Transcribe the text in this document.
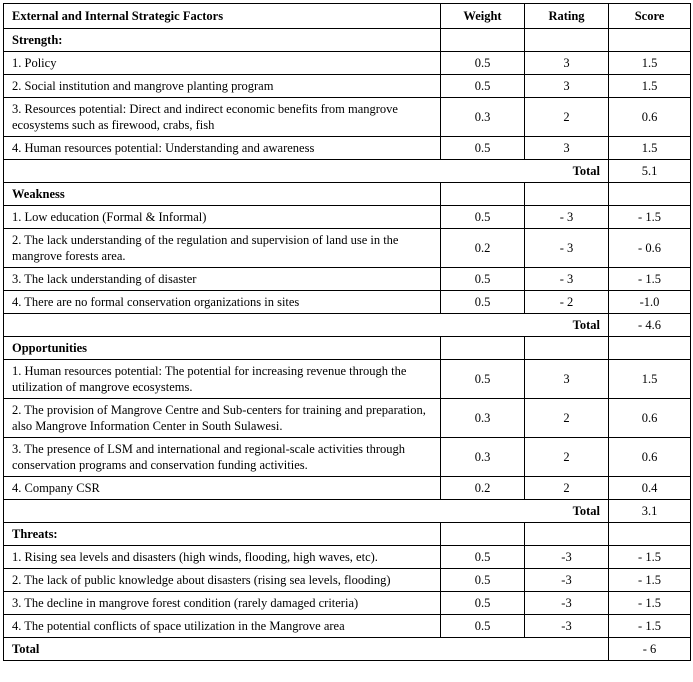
External and Internal Strategic Factors	Weight	Rating	Score
Strength:			
1. Policy	0.5	3	1.5
2. Social institution and mangrove planting program	0.5	3	1.5
3. Resources potential: Direct and indirect economic benefits from mangrove ecosystems such as firewood, crabs, fish	0.3	2	0.6
4. Human resources potential: Understanding and awareness	0.5	3	1.5
Total			5.1
Weakness			
1. Low education (Formal & Informal)	0.5	- 3	- 1.5
2. The lack understanding of the regulation and supervision of land use in the mangrove forests area.	0.2	- 3	- 0.6
3. The lack understanding of disaster	0.5	- 3	- 1.5
4. There are no formal conservation organizations in sites	0.5	- 2	-1.0
Total			- 4.6
Opportunities			
1. Human resources potential: The potential for increasing revenue through the utilization of mangrove ecosystems.	0.5	3	1.5
2. The provision of Mangrove Centre and Sub-centers for training and preparation, also Mangrove Information Center in South Sulawesi.	0.3	2	0.6
3. The presence of LSM and international and regional-scale activities through conservation programs and conservation funding activities.	0.3	2	0.6
4. Company CSR	0.2	2	0.4
Total			3.1
Threats:			
1. Rising sea levels and disasters (high winds, flooding, high waves, etc).	0.5	-3	- 1.5
2. The lack of public knowledge about disasters (rising sea levels, flooding)	0.5	-3	- 1.5
3. The decline in mangrove forest condition (rarely damaged criteria)	0.5	-3	- 1.5
4. The potential conflicts of space utilization in the Mangrove area	0.5	-3	- 1.5
Total			- 6
